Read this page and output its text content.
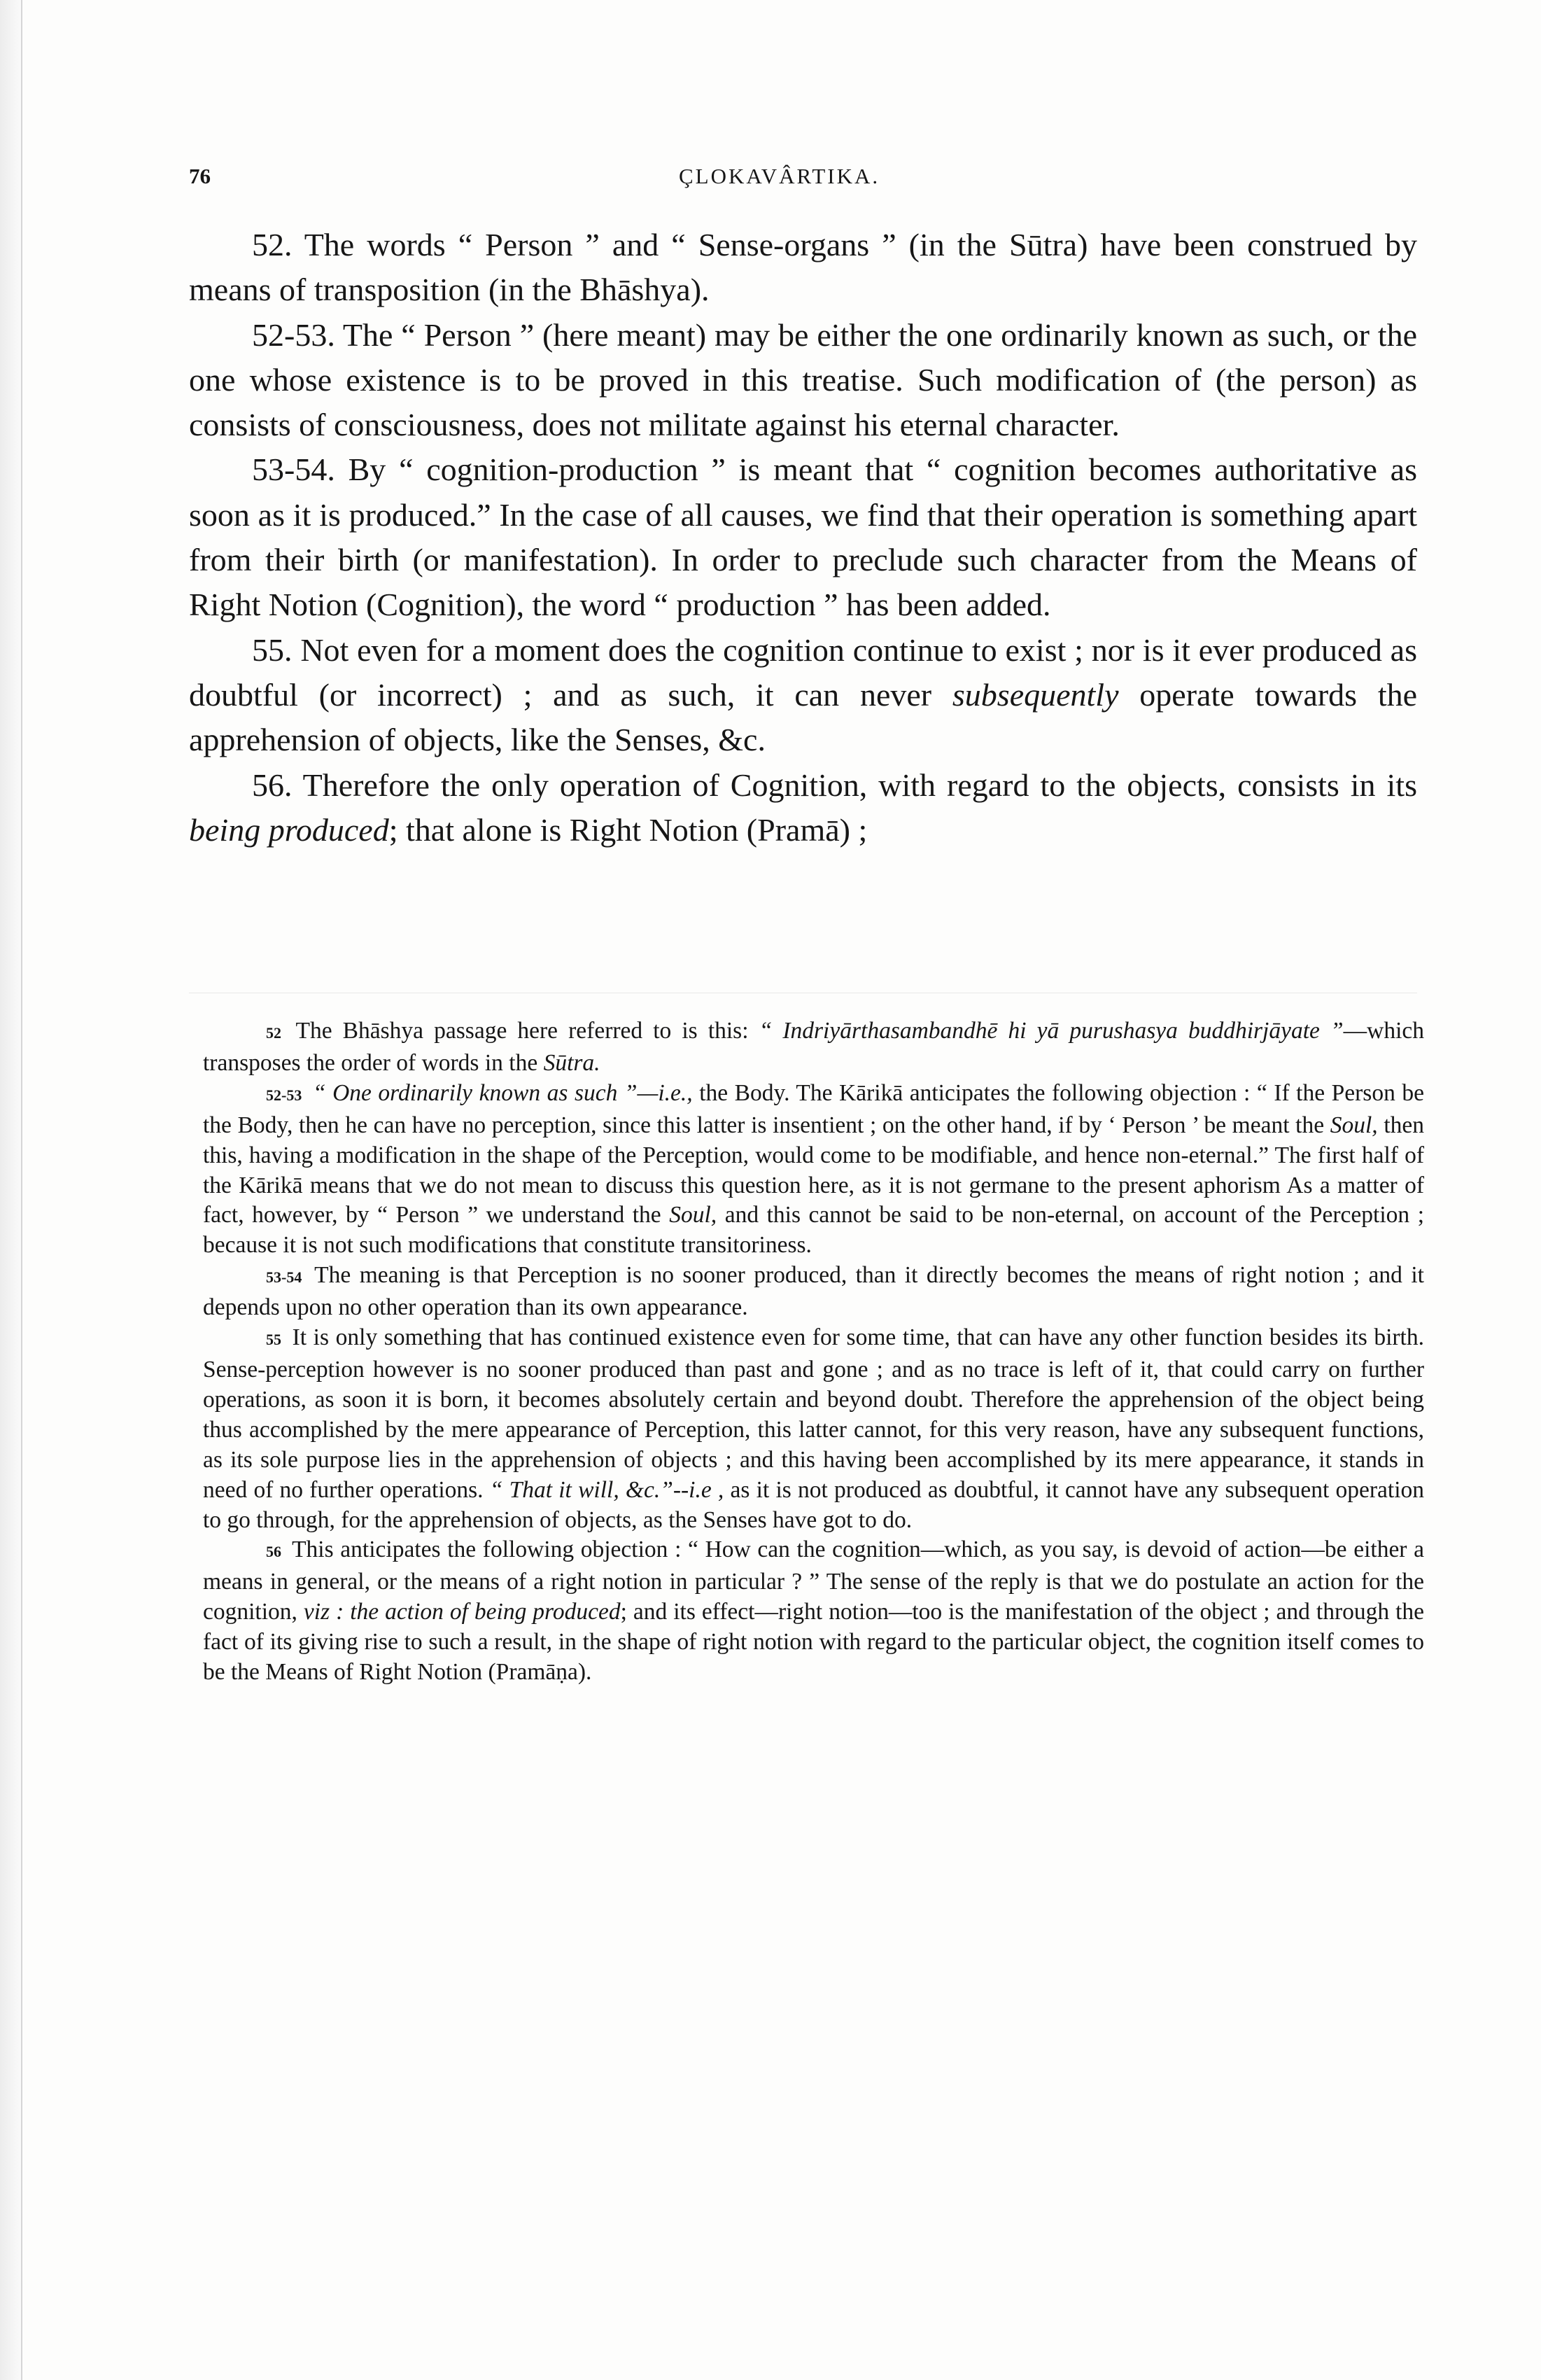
76	ÇLOKAVÂRTIKA.

52. The words “ Person ” and “ Sense-organs ” (in the Sūtra) have been construed by means of transposition (in the Bhāshya).

52-53. The “ Person ” (here meant) may be either the one ordinarily known as such, or the one whose existence is to be proved in this treatise. Such modification of (the person) as consists of consciousness, does not militate against his eternal character.

53-54. By “ cognition-production ” is meant that “ cognition becomes authoritative as soon as it is produced.” In the case of all causes, we find that their operation is something apart from their birth (or manifestation). In order to preclude such character from the Means of Right Notion (Cognition), the word “ production ” has been added.

55. Not even for a moment does the cognition continue to exist ; nor is it ever produced as doubtful (or incorrect) ; and as such, it can never subsequently operate towards the apprehension of objects, like the Senses, &c.

56. Therefore the only operation of Cognition, with regard to the objects, consists in its being produced; that alone is Right Notion (Pramā) ;

52 The Bhāshya passage here referred to is this: “ Indriyārthasambandhē hi yā purushasya buddhirjāyate ”—which transposes the order of words in the Sūtra.

52-53 “ One ordinarily known as such ”—i.e., the Body. The Kārikā anticipates the following objection : “ If the Person be the Body, then he can have no perception, since this latter is insentient ; on the other hand, if by ‘ Person ’ be meant the Soul, then this, having a modification in the shape of the Perception, would come to be modifiable, and hence non-eternal.” The first half of the Kārikā means that we do not mean to discuss this question here, as it is not germane to the present aphorism As a matter of fact, however, by “ Person ” we understand the Soul, and this cannot be said to be non-eternal, on account of the Perception ; because it is not such modifications that constitute transitoriness.

53-54 The meaning is that Perception is no sooner produced, than it directly becomes the means of right notion ; and it depends upon no other operation than its own appearance.

55 It is only something that has continued existence even for some time, that can have any other function besides its birth. Sense-perception however is no sooner produced than past and gone ; and as no trace is left of it, that could carry on further operations, as soon it is born, it becomes absolutely certain and beyond doubt. Therefore the apprehension of the object being thus accomplished by the mere appearance of Perception, this latter cannot, for this very reason, have any subsequent functions, as its sole purpose lies in the apprehension of objects ; and this having been accomplished by its mere appearance, it stands in need of no further operations. “ That it will, &c.”--i.e , as it is not produced as doubtful, it cannot have any subsequent operation to go through, for the apprehension of objects, as the Senses have got to do.

56 This anticipates the following objection : “ How can the cognition—which, as you say, is devoid of action—be either a means in general, or the means of a right notion in particular ? ” The sense of the reply is that we do postulate an action for the cognition, viz : the action of being produced; and its effect—right notion—too is the manifestation of the object ; and through the fact of its giving rise to such a result, in the shape of right notion with regard to the particular object, the cognition itself comes to be the Means of Right Notion (Pramāṇa).
